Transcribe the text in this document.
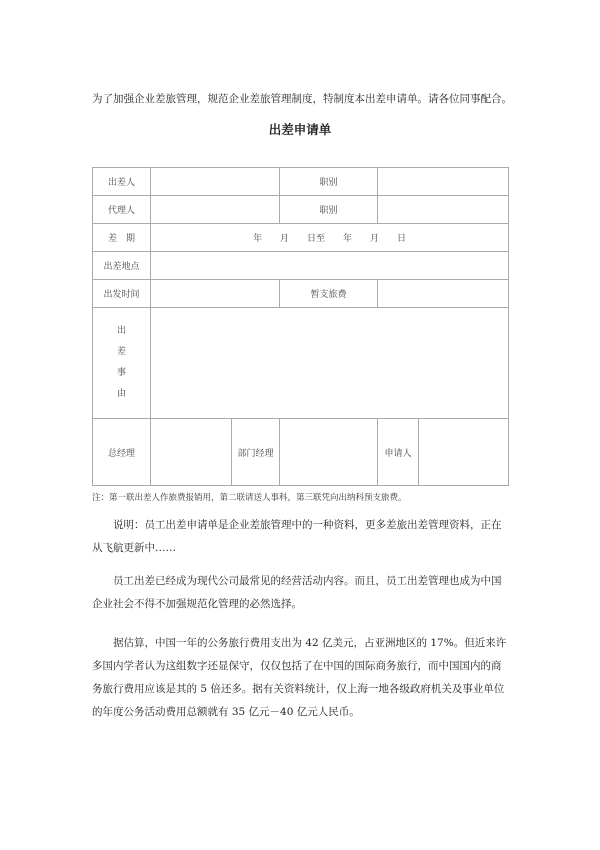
为了加强企业差旅管理，规范企业差旅管理制度，特制度本出差申请单。请各位同事配合。
出差申请单
出差人			职别		
代理人			职别		
差　期	年　　月　　日至　　年　　月　　日				
出差地点					
出发时间			暂支旅费		

出
差
事
由					

总经理		部门经理		申请人	
注：第一联出差人作旅费报销用，第二联请送人事科，第三联凭向出纳科预支旅费。
说明：员工出差申请单是企业差旅管理中的一种资料，更多差旅出差管理资料，正在从飞航更新中……
员工出差已经成为现代公司最常见的经营活动内容。而且，员工出差管理也成为中国企业社会不得不加强规范化管理的必然选择。
据估算，中国一年的公务旅行费用支出为 42 亿美元，占亚洲地区的 17%。但近来许多国内学者认为这组数字还显保守，仅仅包括了在中国的国际商务旅行，而中国国内的商务旅行费用应该是其的 5 倍还多。据有关资料统计，仅上海一地各级政府机关及事业单位的年度公务活动费用总额就有 35 亿元－40 亿元人民币。
